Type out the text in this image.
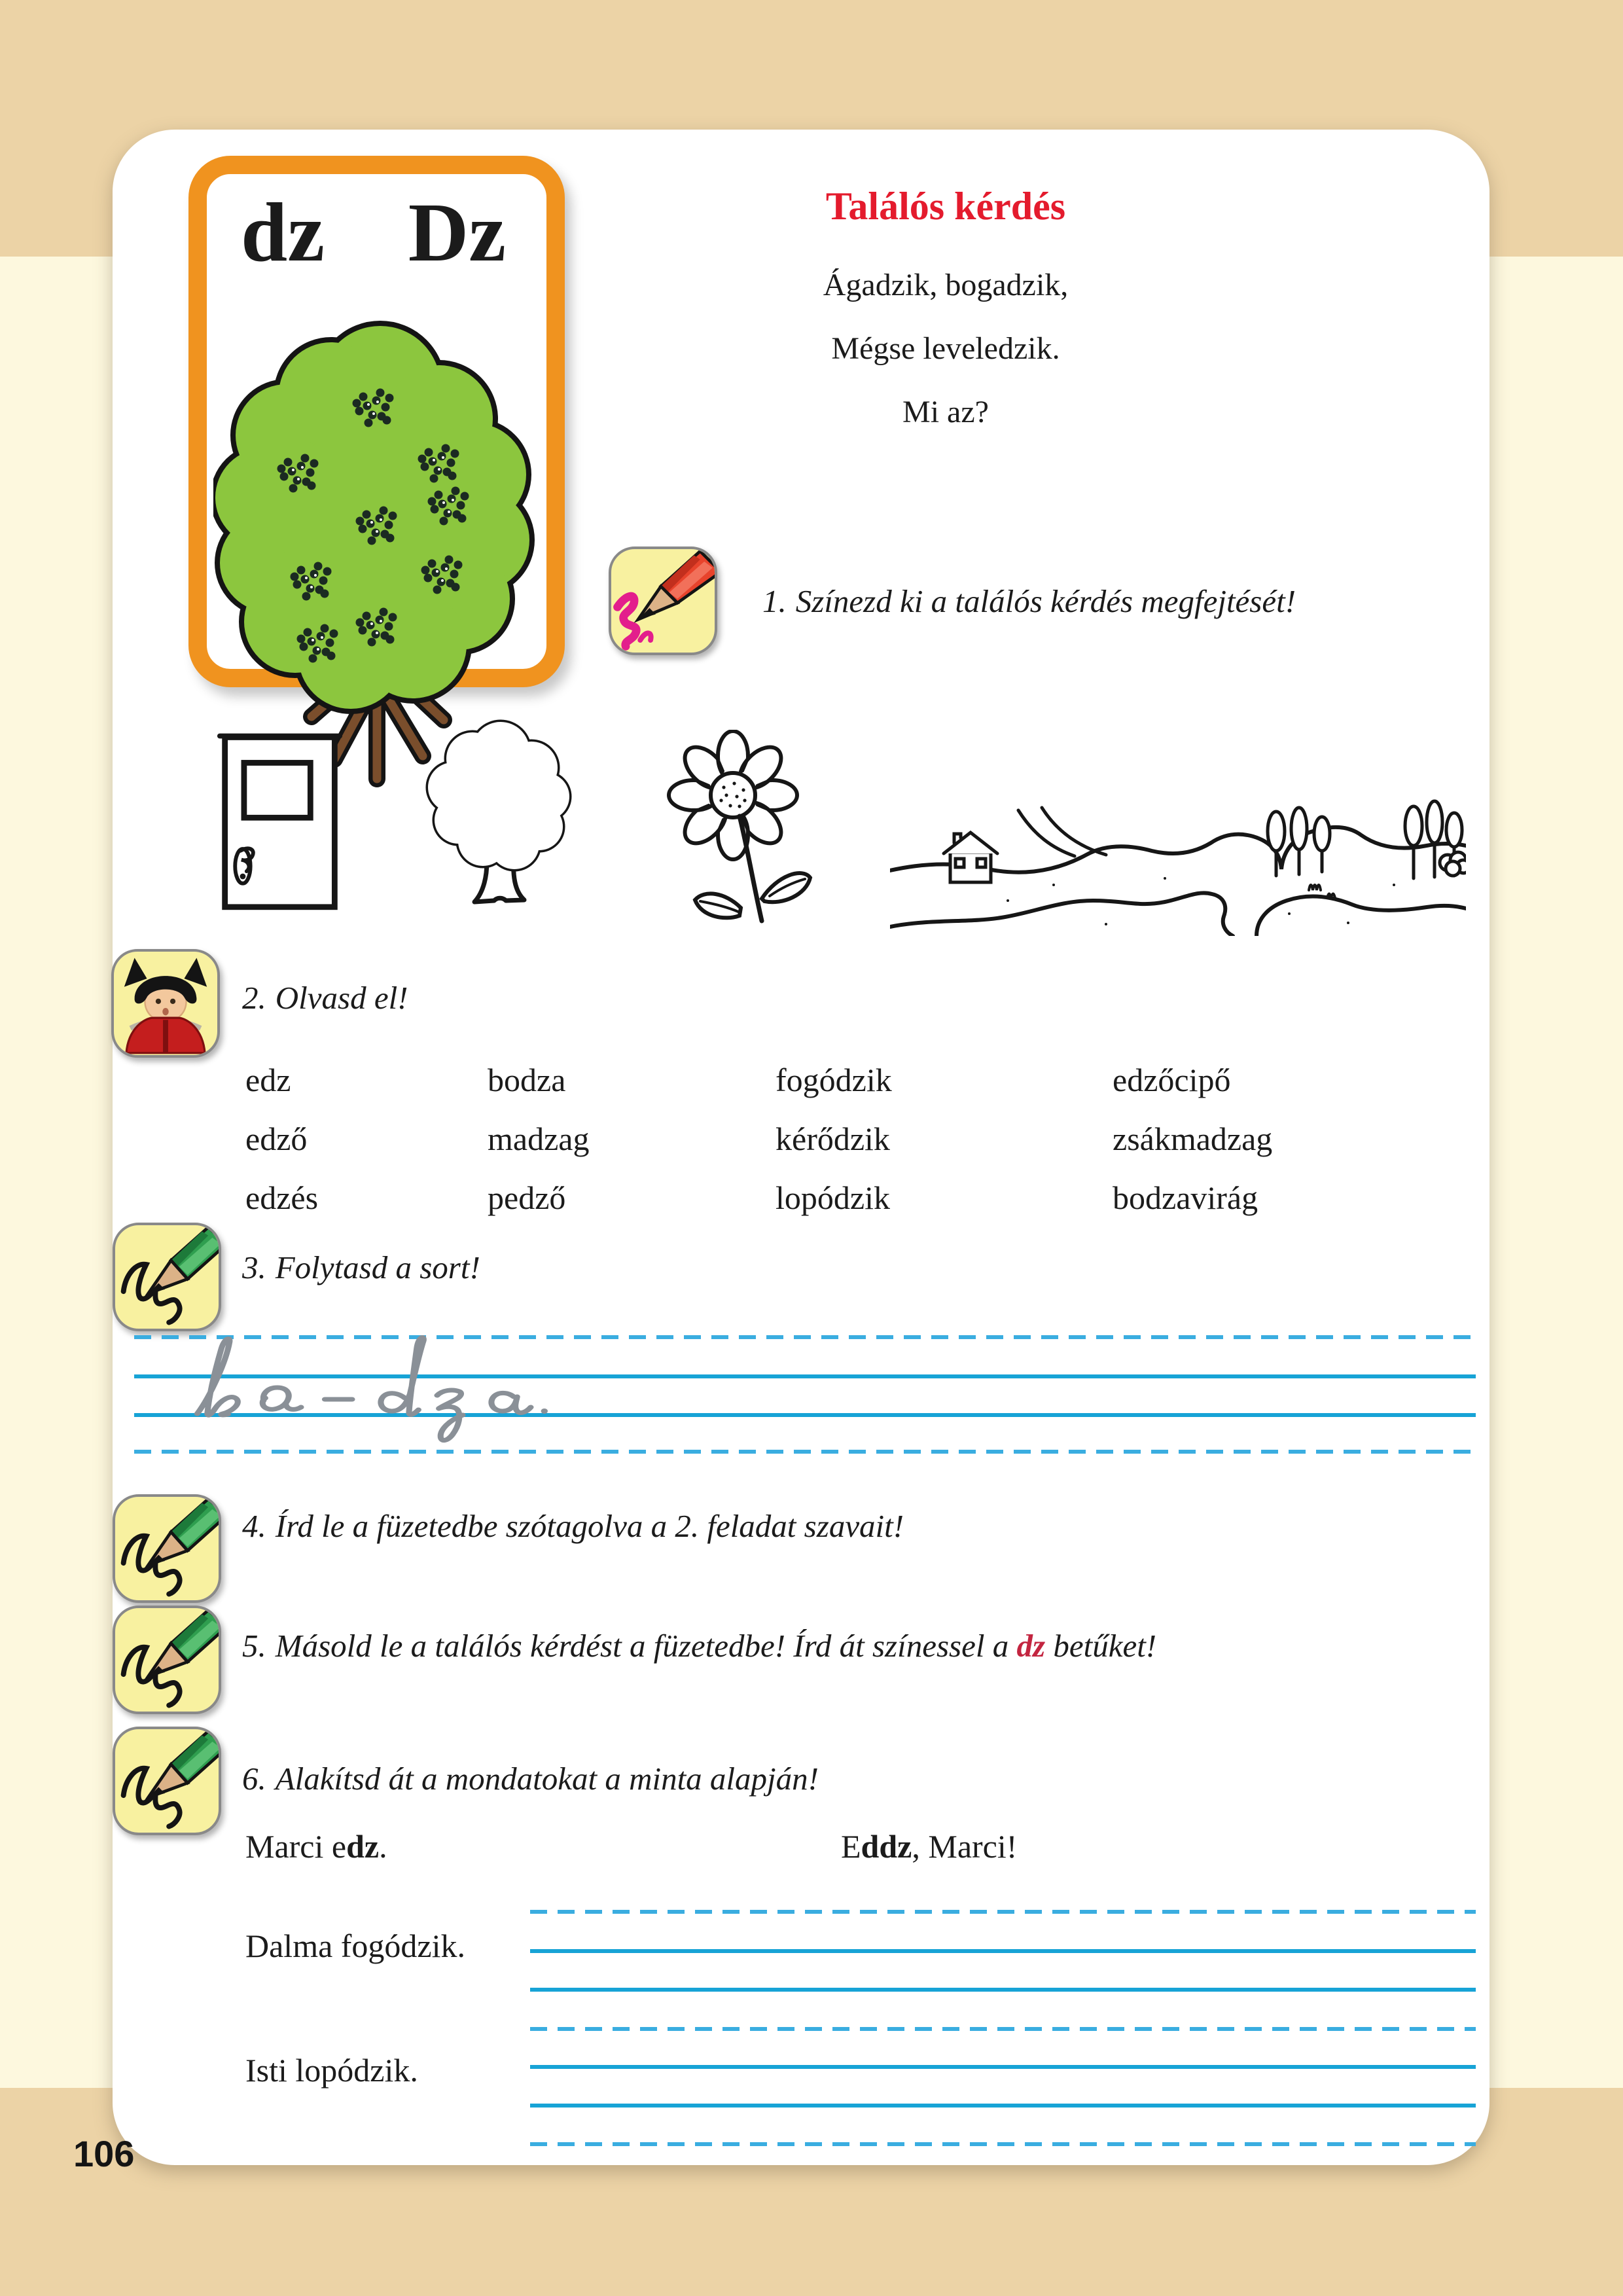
dz Dz	Találós kérdés
Ágadzik, bogadzik,
Mégse leveledzik.
Mi az?
1. Színezd ki a találós kérdés megfejtését!
2. Olvasd el!
edz
edző
edzés
bodza
madzag
pedző
fogódzik
kérődzik
lopódzik
edzőcipő
zsákmadzag
bodzavirág
3. Folytasd a sort!
4. Írd le a füzetedbe szótagolva a 2. feladat szavait!
5. Másold le a találós kérdést a füzetedbe! Írd át színessel a dz betűket!
6. Alakítsd át a mondatokat a minta alapján!
Marci edz.	Eddz, Marci!
Dalma fogódzik.
Isti lopódzik.
106
